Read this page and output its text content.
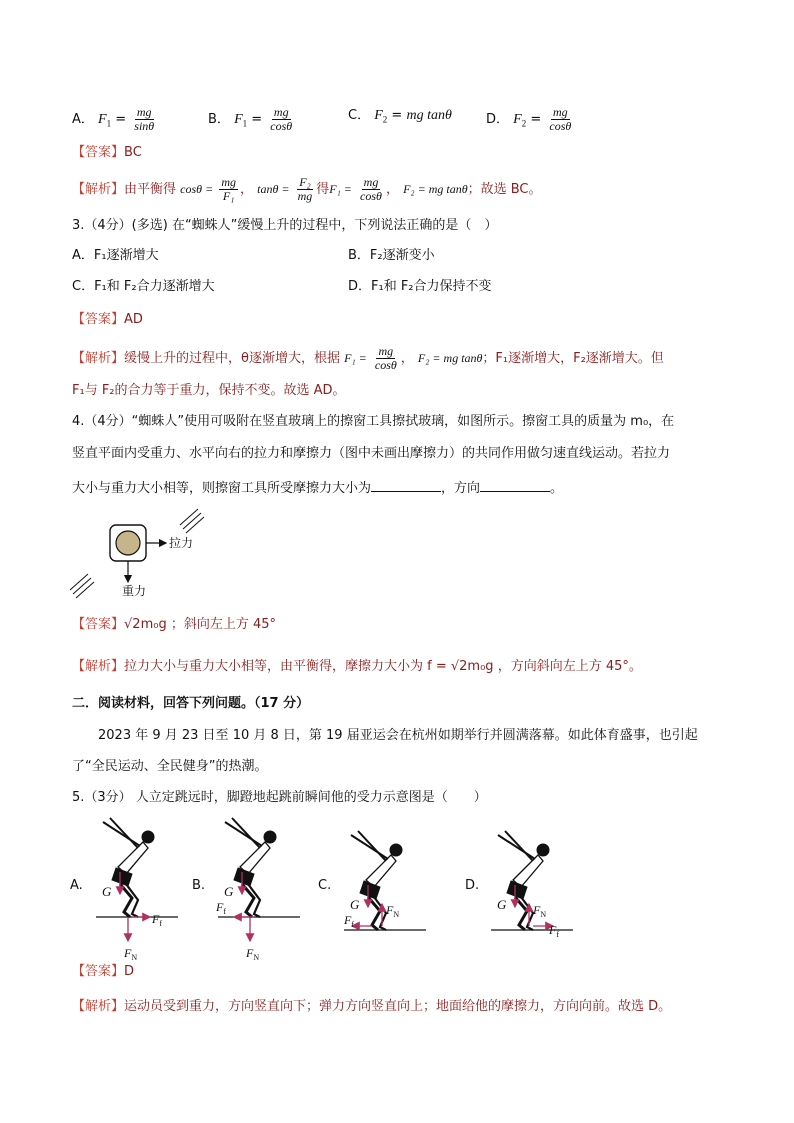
A． $F_1 = \frac{mg}{\sin\theta}$	B． $F_1 = \frac{mg}{\cos\theta}$	C． $F_2$ = mg tanθ	D． $F_2 = \frac{mg}{\cos\theta}$
【答案】BC
【解析】由平衡得 $\cos\theta = \frac{mg}{\text{F₁}}$ ， $\tan\theta = \frac{\text{F₂}}{mg}$ 得$F_1 = \frac{mg}{\cos\theta}$ ， F₂ = mg tanθ；故选 BC。
3.（4分）(多选) 在“蜘蛛人”缓慢上升的过程中，下列说法正确的是（　）
A．F₁逐渐增大	B．F₂逐渐变小
C．F₁和 F₂合力逐渐增大	D．F₁和 F₂合力保持不变
【答案】AD
【解析】缓慢上升的过程中，θ逐渐增大，根据 $F_1 = \frac{mg}{\cos\theta}$ ， F₂ = mg tanθ；F₁逐渐增大，F₂逐渐增大。但
F₁与 F₂的合力等于重力，保持不变。故选 AD。
4.（4分）“蜘蛛人”使用可吸附在竖直玻璃上的擦窗工具擦拭玻璃，如图所示。擦窗工具的质量为 m₀，在
竖直平面内受重力、水平向右的拉力和摩擦力（图中未画出摩擦力）的共同作用做匀速直线运动。若拉力
大小与重力大小相等，则擦窗工具所受摩擦力大小为	，方向	。
拉力
重力
【答案】√2m₀g ；斜向左上方 45°
【解析】拉力大小与重力大小相等，由平衡得，摩擦力大小为 f = √2m₀g ，方向斜向左上方 45°。
二．阅读材料，回答下列问题。（17 分）
2023 年 9 月 23 日至 10 月 8 日，第 19 届亚运会在杭州如期举行并圆满落幕。如此体育盛事，也引起
了“全民运动、全民健身”的热潮。
5.（3分） 人立定跳远时，脚蹬地起跳前瞬间他的受力示意图是（　　）
A. G
$F_f$
$F_N$
B. G
$F_f$
$F_N$
C.
G
$F_f$
$F_N$
D.
G
$F_f$
$F_N$
【答案】D
【解析】运动员受到重力，方向竖直向下；弹力方向竖直向上；地面给他的摩擦力，方向向前。故选 D。
